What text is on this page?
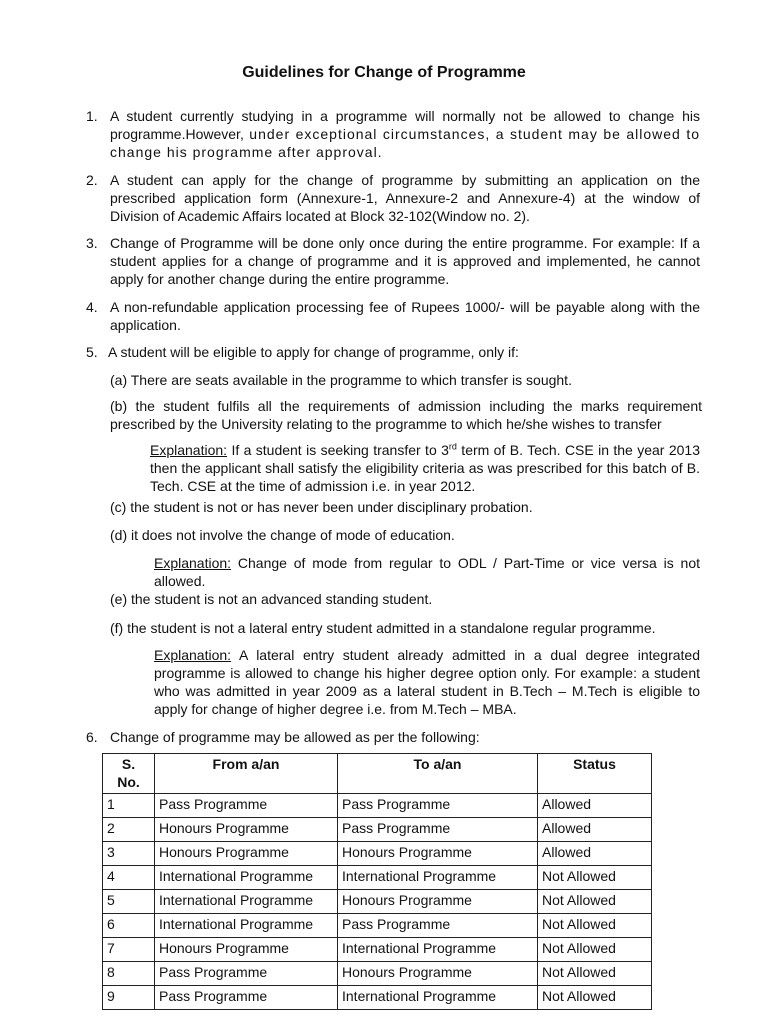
Guidelines for Change of Programme
1. A student currently studying in a programme will normally not be allowed to change his programme.However, under exceptional circumstances, a student may be allowed to change his programme after approval.
2. A student can apply for the change of programme by submitting an application on the prescribed application form (Annexure-1, Annexure-2 and Annexure-4) at the window of Division of Academic Affairs located at Block 32-102(Window no. 2).
3. Change of Programme will be done only once during the entire programme. For example: If a student applies for a change of programme and it is approved and implemented, he cannot apply for another change during the entire programme.
4. A non-refundable application processing fee of Rupees 1000/- will be payable along with the application.
5. A student will be eligible to apply for change of programme, only if:
(a) There are seats available in the programme to which transfer is sought.
(b) the student fulfils all the requirements of admission including the marks requirement prescribed by the University relating to the programme to which he/she wishes to transfer
Explanation: If a student is seeking transfer to 3rd term of B. Tech. CSE in the year 2013 then the applicant shall satisfy the eligibility criteria as was prescribed for this batch of B. Tech. CSE at the time of admission i.e. in year 2012.
(c) the student is not or has never been under disciplinary probation.
(d) it does not involve the change of mode of education.
Explanation: Change of mode from regular to ODL / Part-Time or vice versa is not allowed.
(e) the student is not an advanced standing student.
(f) the student is not a lateral entry student admitted in a standalone regular programme.
Explanation: A lateral entry student already admitted in a dual degree integrated programme is allowed to change his higher degree option only. For example: a student who was admitted in year 2009 as a lateral student in B.Tech – M.Tech is eligible to apply for change of higher degree i.e. from M.Tech – MBA.
6. Change of programme may be allowed as per the following:
S.
No.	From a/an	To a/an	Status
1	Pass Programme	Pass Programme	Allowed
2	Honours Programme	Pass Programme	Allowed
3	Honours Programme	Honours Programme	Allowed
4	International Programme	International Programme	Not Allowed
5	International Programme	Honours Programme	Not Allowed
6	International Programme	Pass Programme	Not Allowed
7	Honours Programme	International Programme	Not Allowed
8	Pass Programme	Honours Programme	Not Allowed
9	Pass Programme	International Programme	Not Allowed
